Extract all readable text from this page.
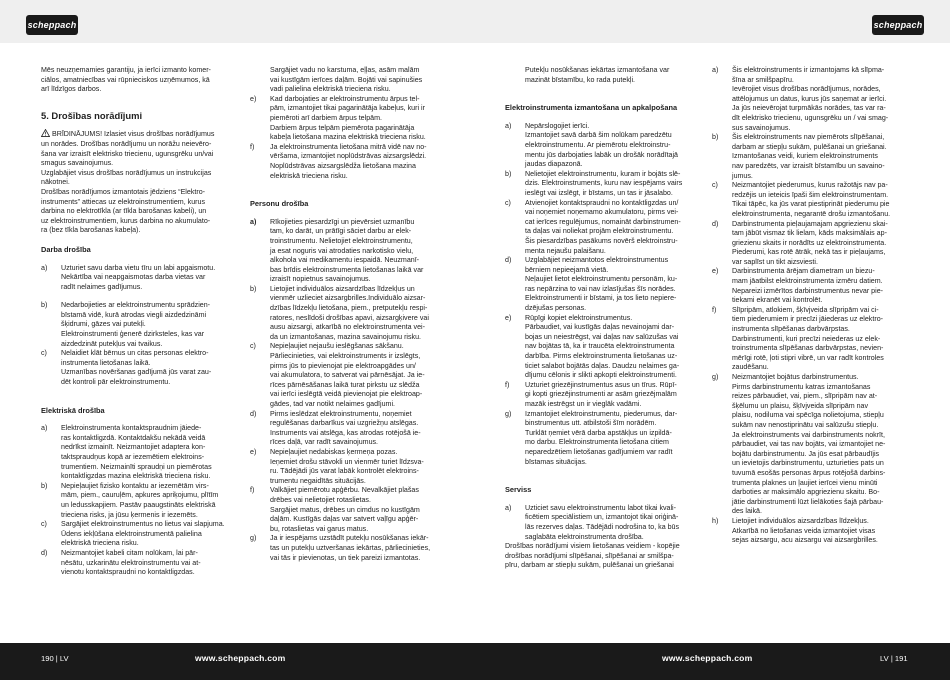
scheppach	scheppach

Mēs neuzņemamies garantiju, ja ierīci izmanto komer-
ciālos, amatniecības vai rūpnieciskos uzņēmumos, kā
arī līdzīgos darbos.

5. Drošības norādījumi

BRĪDINĀJUMS! Izlasiet visus drošības norādījumus
un norādes. Drošības norādījumu un norāžu neievēro-
šana var izraisīt elektrisko triecienu, ugunsgrēku un/vai
smagus savainojumus.

Uzglabājiet visus drošības norādījumus un instrukcijas
nākotnei.

Drošības norādījumos izmantotais jēdziens “Elektro-
instruments” attiecas uz elektroinstrumentiem, kurus
darbina no elektrotīkla (ar tīkla barošanas kabeli), un
uz elektroinstrumentiem, kurus darbina no akumulato-
ra (bez tīkla barošanas kabeļa).

Darba drošība
a) Uzturiet savu darba vietu tīru un labi apgaismotu.
Nekārtība vai neapgaismotas darba vietas var
radīt nelaimes gadījumus.
b) Nedarbojieties ar elektroinstrumentu sprādzien-
bīstamā vidē, kurā atrodas viegli aizdedzināmi
šķidrumi, gāzes vai putekļi.

Elektroinstrumenti ģenerē dzirksteles, kas var
aizdedzināt putekļus vai tvaikus.

c) Nelaidiet klāt bērnus un citas personas elektro-
instrumenta lietošanas laikā.

Uzmanības novēršanas gadījumā jūs varat zau-
dēt kontroli pār elektroinstrumentu.

Elektriskā drošība
a) Elektroinstrumenta kontaktspraudnim jāiede-
ras kontaktligzdā. Kontaktdakšu nekādā veidā
nedrīkst izmainīt. Neizmantojiet adaptera kon-
taktspraudņus kopā ar iezemētiem elektroins-
trumentiem. Neizmainīti spraudņi un piemērotas
kontaktligzdas mazina elektriskā trieciena risku.
b) Nepieļaujiet fizisko kontaktu ar iezemētām virs-
mām, piem., cauruļēm, apkures apriķojumu, plītīm
un ledusskapjiem. Pastāv paaugstināts elektriskā
trieciena risks, ja jūsu ķermenis ir iezemēts.
c) Sargājiet elektroinstrumentus no lietus vai slapjuma.
Ūdens iekļūšana elektroinstrumentā palielina
elektriskā trieciena risku.
d) Neizmantojiet kabeli citam nolūkam, lai pār-
nēsātu, uzkarinātu elektroinstrumentu vai at-
vienotu kontaktspraudni no kontaktligzdas.

Sargājiet vadu no karstuma, eļļas, asām malām
vai kustīgām ierīces daļām. Bojāti vai sapinušies
vadi palielina elektriskā trieciena risku.

e) Kad darbojaties ar elektroinstrumentu ārpus tel-
pām, izmantojiet tikai pagarinātāja kabeļus, kuri ir
piemēroti arī darbiem ārpus telpām.

Darbiem ārpus telpām piemērota pagarinātāja
kabeļa lietošana mazina elektriskā trieciena risku.

f) Ja elektroinstrumenta lietošana mitrā vidē nav no-
vēršama, izmantojiet noplūdstrāvas aizsargslēdzi.
Noplūdstrāvas aizsargslēdža lietošana mazina
elektriskā trieciena risku.
Personu drošība
a) Rīkojieties piesardzīgi un pievērsiet uzmanību
tam, ko darāt, un prātīgi sāciet darbu ar elek-
troinstrumentu. Nelietojiet elektroinstrumentu,
ja esat noguris vai atrodaties narkotisko vielu,
alkohola vai medikamentu iespaidā. Neuzmanī-
bas brīdis elektroinstrumenta lietošanas laikā var
izraisīt nopietnus savainojumus.
b) Lietojiet individuālos aizsardzības līdzekļus un
vienmēr uzlieciet aizsargbrilles.Individuālo aizsar-
dzības līdzekļu lietošana, piem., pretputekļu respi-
ratores, neslīdoši drošības apavi, aizsargķivere vai
ausu aizsargi, atkarībā no elektroinstrumenta vei-
da un izmantošanas, mazina savainojumu risku.
c) Nepieļaujiet nejaušu ieslēgšanas sākšanu.
Pārliecinieties, vai elektroinstruments ir izslēgts,
pirms jūs to pievienojat pie elektroapgādes un/
vai akumulatora, to satverat vai pārnēsājat. Ja ie-
rīces pārnēsāšanas laikā turat pirkstu uz slēdža
vai ierīci ieslēgtā veidā pievienojat pie elektroap-
gādes, tad var notikt nelaimes gadījumi.
d) Pirms ieslēdzat elektroinstrumentu, noņemiet
regulēšanas darbarīkus vai uzgriežņu atslēgas.
Instruments vai atslēga, kas atrodas rotējošā ie-
rīces daļā, var radīt savainojumus.
e) Nepieļaujiet nedabiskas ķermeņa pozas.
Ieņemiet drošu stāvokli un vienmēr turiet līdzsva-
ru. Tādējādi jūs varat labāk kontrolēt elektroins-
trumentu negaidītās situācijās.
f) Valkājiet piemērotu apģērbu. Nevalkājiet plašas
drēbes vai nelietojiet rotaslietas.
Sargājiet matus, drēbes un cimdus no kustīgām
daļām. Kustīgās daļas var satvert vaļīgu apģēr-
bu, rotaslietas vai garus matus.
g) Ja ir iespējams uzstādīt putekļu nosūkšanas iekār-
tas un putekļu uztveršanas iekārtas, pārliecinieties,
vai tās ir pievienotas, un tiek pareizi izmantotas.

Putekļu nosūkšanas iekārtas izmantošana var
mazināt bīstamību, ko rada putekļi.

Elektroinstrumenta izmantošana un apkalpošana
a) Nepārslogojiet ierīci.

Izmantojiet savā darbā šim nolūkam paredzētu
elektroinstrumentu. Ar piemērotu elektroinstru-
mentu jūs darbojaties labāk un drošāk norādītajā
jaudas diapazonā.

b) Nelietojiet elektroinstrumentu, kuram ir bojāts slē-
dzis. Elektroinstruments, kuru nav iespējams vairs
ieslēgt vai izslēgt, ir bīstams, un tas ir jāsalabo.
c) Atvienojiet kontaktspraudni no kontaktligzdas un/
vai noņemiet noņemamo akumulatoru, pirms vei-
cat ierīces regulējumus, nomaināt darbinstrumen-
ta daļas vai noliekat projām elektroinstrumentu.

Šis piesardzības pasākums novērš elektroinstru-
menta nejaušu palaišanu.

d) Uzglabājiet neizmantotos elektroinstrumentus
bērniem nepieejamā vietā.

Neļaujiet lietot elektroinstrumentu personām, ku-
ras nepārzina to vai nav izlasījušas šīs norādes.
Elektroinstrumenti ir bīstami, ja tos lieto nepiere-
dzējušas personas.

e) Rūpīgi kopiet elektroinstrumentus.

Pārbaudiet, vai kustīgās daļas nevainojami dar-
bojas un neiestrēgst, vai daļas nav salūzušas vai
nav bojātas tā, ka ir traucēta elektroinstrumenta
darbība. Pirms elektroinstrumenta lietošanas uz-
ticiet salabot bojātās daļas. Daudzu nelaimes ga-
dījumu cēlonis ir slikti apkopti elektroinstrumenti.

f) Uzturiet griezējinstrumentus asus un tīrus. Rūpī-
gi kopti griezējinstrumenti ar asām griezējmalām
mazāk iestrēgst un ir vieglāk vadāmi.
g) Izmantojiet elektroinstrumentu, piederumus, dar-
binstrumentus utt. atbilstoši šīm norādēm.

Turklāt ņemiet vērā darba apstākļus un izpildā-
mo darbu. Elektroinstrumenta lietošana citiem
neparedzētiem lietošanas gadījumiem var radīt
bīstamas situācijas.

Serviss
a) Uzticiet savu elektroinstrumentu labot tikai kvali-
ficētiem speciālistiem un, izmantojot tikai oriģinā-
lās rezerves daļas. Tādējādi nodrošina to, ka būs
saglabāta elektroinstrumenta drošība.

Drošības norādījumi visiem lietošanas veidiem - kopējie
drošības norādījumi slīpēšanai, slīpēšanai ar smilšpa-
pīru, darbam ar stiepļu sukām, pulēšanai un griešanai

a) Šis elektroinstruments ir izmantojams kā slīpma-
šīna ar smilšpapīru.

Ievērojiet visus drošības norādījumus, norādes,
attēlojumus un datus, kurus jūs saņemat ar ierīci.
Ja jūs neievērojat turpmākās norādes, tas var ra-
dīt elektrisko triecienu, ugunsgrēku un / vai smag-
sus savainojumus.

b) Šis elektroinstruments nav piemērots slīpēšanai,
darbam ar stiepļu sukām, pulēšanai un griešanai.
Izmantošanas veidi, kuriem elektroinstruments
nav paredzēts, var izraisīt bīstamību un savaino-
jumus.
c) Neizmantojiet piederumus, kurus ražotājs nav pa-
redzējis un ieteicis īpaši šim elektroinstrumentam.
Tikai tāpēc, ka jūs varat piestiprināt piederumu pie
elektroinstrumenta, negarantē drošu izmantošanu.
d) Darbinstrumenta pieļaujamajam apgriezienu skai-
tam jābūt vismaz tik lielam, kāds maksimālais ap-
griezienu skaits ir norādīts uz elektroinstrumenta.
Piederumi, kas rotē ātrāk, nekā tas ir pieļaujams,
var saplīst un tikt aizsviesti.
e) Darbinstrumenta ārējam diametram un biezu-
mam jāatbilst elektroinstrumenta izmēru datiem.
Nepareizi izmērītos darbinstrumentus nevar pie-
tiekami ekranēt vai kontrolēt.
f) Slīpripām, atlokiem, šķīvjveida slīpripām vai ci-
tiem piederumiem ir precīzi jāiederas uz elektro-
instrumenta slīpēšanas darbvārpstas.

Darbinstrumenti, kuri precīzi neiederas uz elek-
troinstrumenta slīpēšanas darbvārpstas, nevien-
mērīgi rotē, ļoti stipri vibrē, un var radīt kontroles
zaudēšanu.

g) Neizmantojiet bojātus darbinstrumentus.

Pirms darbinstrumentu katras izmantošanas
reizes pārbaudiet, vai, piem., slīpripām nav at-
šķēlumu un plaisu, šķīvjveida slīpripām nav
plaisu, nodiluma vai spēcīga nolietojuma, stiepļu
sukām nav nenostiprinātu vai salūzušu stiepļu.
Ja elektroinstruments vai darbinstruments nokrīt,
pārbaudiet, vai tas nav bojāts, vai izmantojiet ne-
bojātu darbinstrumentu. Ja jūs esat pārbaudījis
un ievietojis darbinstrumentu, uzturieties pats un
tuvumā esošās personas ārpus rotējošā darbins-
trumenta plaknes un ļaujiet ierīcei vienu minūti
darboties ar maksimālo apgriezienu skaitu. Bo-
jātie darbinstrumenti lūzt lielākoties šajā pārbau-
des laikā.

h) Lietojiet individuālos aizsardzības līdzekļus.

Atkarībā no lietošanas veida izmantojiet visas
sejas aizsargu, acu aizsargu vai aizsargbrilles.

190 | LV	www.scheppach.com	www.scheppach.com	LV | 191
